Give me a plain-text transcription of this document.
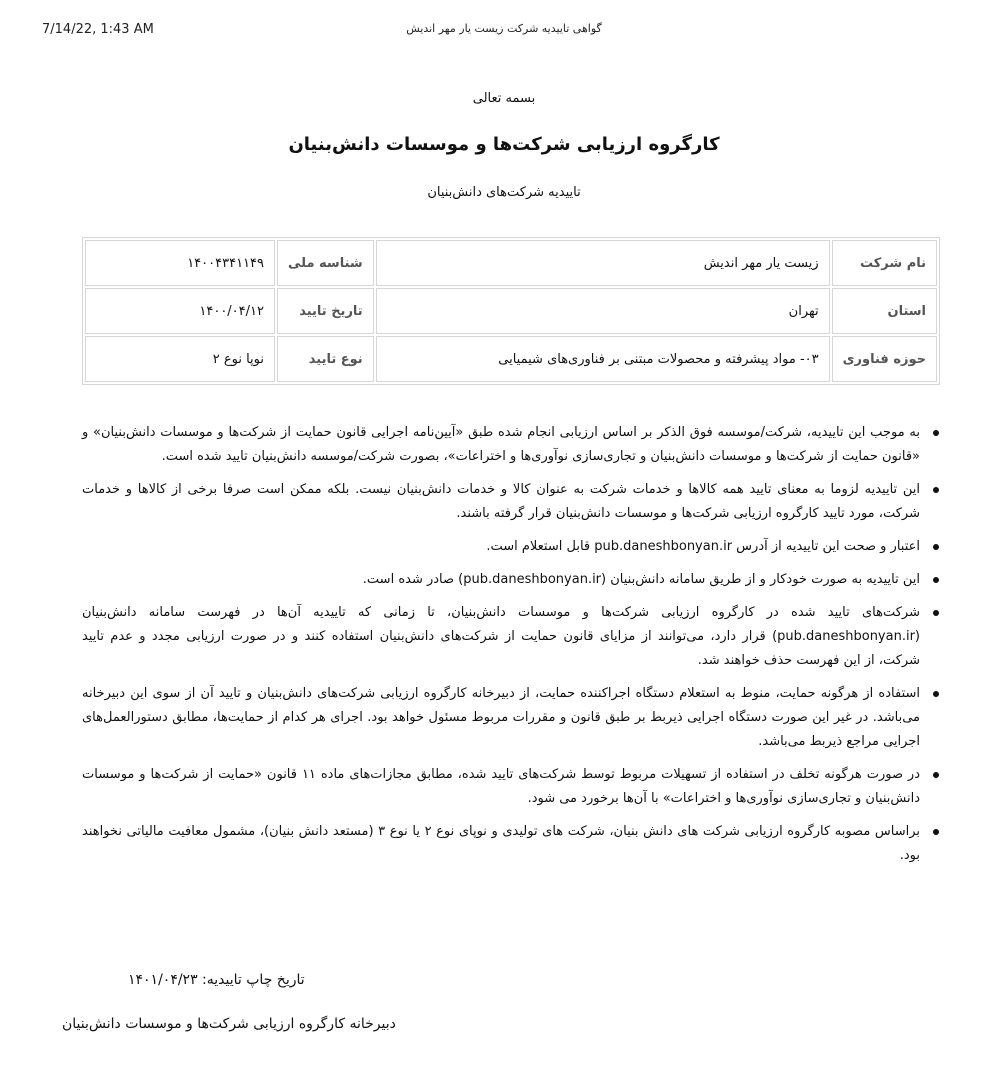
7/14/22, 1:43 AM	گواهی تاییدیه شرکت زیست یار مهر اندیش
بسمه تعالی
کارگروه ارزیابی شرکت‌ها و موسسات دانش‌بنیان
تاییدیه شرکت‌های دانش‌بنیان
نام شرکت	زیست یار مهر اندیش	شناسه ملی	۱۴۰۰۴۳۴۱۱۴۹
استان	تهران	تاریخ تایید	۱۴۰۰/۰۴/۱۲
حوزه فناوری	۰۳- مواد پیشرفته و محصولات مبتنی بر فناوری‌های شیمیایی	نوع تایید	نوپا نوع ۲
به موجب این تاییدیه، شرکت/موسسه فوق الذکر بر اساس ارزیابی انجام شده طبق «آیین‌نامه اجرایی قانون حمایت از شرکت‌ها و موسسات دانش‌بنیان» و «قانون حمایت از شرکت‌ها و موسسات دانش‌بنیان و تجاری‌سازی نوآوری‌ها و اختراعات»، بصورت شرکت/موسسه دانش‌بنیان تایید شده است.
این تاییدیه لزوما به معنای تایید همه کالاها و خدمات شرکت به عنوان کالا و خدمات دانش‌بنیان نیست. بلکه ممکن است صرفا برخی از کالاها و خدمات شرکت، مورد تایید کارگروه ارزیابی شرکت‌ها و موسسات دانش‌بنیان قرار گرفته باشند.
اعتبار و صحت این تاییدیه از آدرس pub.daneshbonyan.ir قابل استعلام است.
این تاییدیه به صورت خودکار و از طریق سامانه دانش‌بنیان (pub.daneshbonyan.ir) صادر شده است.
شرکت‌های تایید شده در کارگروه ارزیابی شرکت‌ها و موسسات دانش‌بنیان، تا زمانی که تاییدیه آن‌ها در فهرست سامانه دانش‌بنیان (pub.daneshbonyan.ir) قرار دارد، می‌توانند از مزایای قانون حمایت از شرکت‌های دانش‌بنیان استفاده کنند و در صورت ارزیابی مجدد و عدم تایید شرکت، از این فهرست حذف خواهند شد.
استفاده از هرگونه حمایت، منوط به استعلام دستگاه اجراکننده حمایت، از دبیرخانه کارگروه ارزیابی شرکت‌های دانش‌بنیان و تایید آن از سوی این دبیرخانه می‌باشد. در غیر این صورت دستگاه اجرایی ذیربط بر طبق قانون و مقررات مربوط مسئول خواهد بود. اجرای هر کدام از حمایت‌ها، مطابق دستورالعمل‌های اجرایی مراجع ذیربط می‌باشد.
در صورت هرگونه تخلف در استفاده از تسهیلات مربوط توسط شرکت‌های تایید شده، مطابق مجازات‌های ماده ۱۱ قانون «حمایت از شرکت‌ها و موسسات دانش‌بنیان و تجاری‌سازی نوآوری‌ها و اختراعات» با آن‌ها برخورد می شود.
براساس مصوبه کارگروه ارزیابی شرکت های دانش بنیان، شرکت های تولیدی و نوپای نوع ۲ یا نوع ۳ (مستعد دانش بنیان)، مشمول معافیت مالیاتی نخواهند بود.
تاریخ چاپ تاییدیه: ۱۴۰۱/۰۴/۲۳
دبیرخانه کارگروه ارزیابی شرکت‌ها و موسسات دانش‌بنیان
